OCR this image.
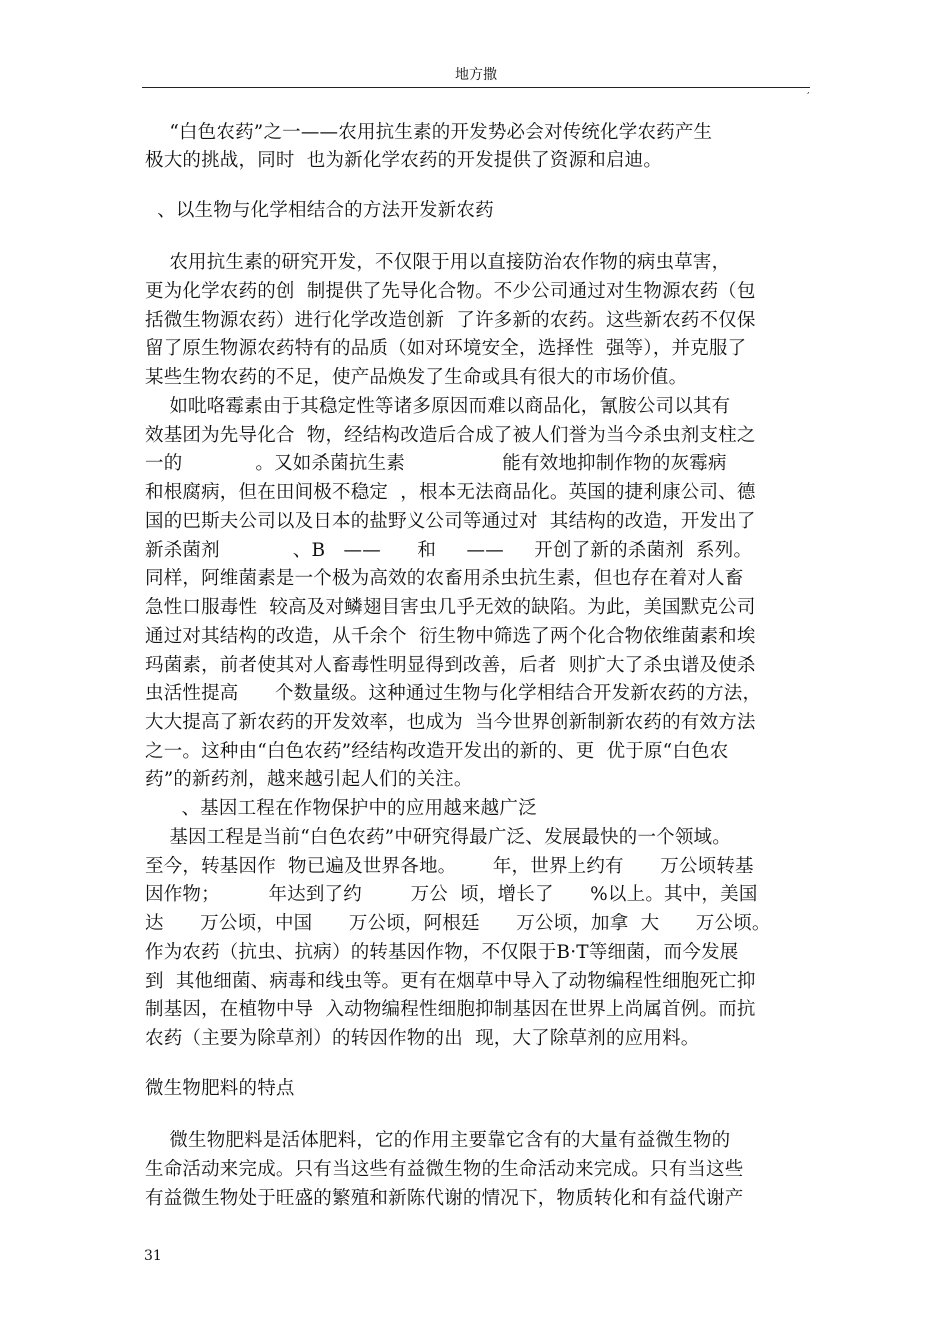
地方撒
,
“白色农药”之一——农用抗生素的开发势必会对传统化学农药产生
极大的挑战，同时  也为新化学农药的开发提供了资源和启迪。
、以生物与化学相结合的方法开发新农药
农用抗生素的研究开发，不仅限于用以直接防治农作物的病虫草害，
更为化学农药的创  制提供了先导化合物。不少公司通过对生物源农药（包
括微生物源农药）进行化学改造创新  了许多新的农药。这些新农药不仅保
留了原生物源农药特有的品质（如对环境安全，选择性  强等），并克服了
某些生物农药的不足，使产品焕发了生命或具有很大的市场价值。
如吡咯霉素由于其稳定性等诸多原因而难以商品化，氰胺公司以其有
效基团为先导化合  物，经结构改造后合成了被人们誉为当今杀虫剂支柱之
一的            。又如杀菌抗生素                能有效地抑制作物的灰霉病
和根腐病，但在田间极不稳定  ，根本无法商品化。英国的捷利康公司、德
国的巴斯夫公司以及日本的盐野义公司等通过对  其结构的改造，开发出了
新杀菌剂            、B   ——      和     ——     开创了新的杀菌剂  系列。
同样，阿维菌素是一个极为高效的农畜用杀虫抗生素，但也存在着对人畜
急性口服毒性  较高及对鳞翅目害虫几乎无效的缺陷。为此，美国默克公司
通过对其结构的改造，从千余个  衍生物中筛选了两个化合物依维菌素和埃
玛菌素，前者使其对人畜毒性明显得到改善，后者  则扩大了杀虫谱及使杀
虫活性提高      个数量级。这种通过生物与化学相结合开发新农药的方法，
大大提高了新农药的开发效率，也成为  当今世界创新制新农药的有效方法
之一。这种由“白色农药”经结构改造开发出的新的、更  优于原“白色农
药”的新药剂，越来越引起人们的关注。
、基因工程在作物保护中的应用越来越广泛
基因工程是当前“白色农药”中研究得最广泛、发展最快的一个领域。
至今，转基因作  物已遍及世界各地。      年，世界上约有      万公顷转基
因作物；        年达到了约        万公  顷，增长了      %以上。其中，美国
达      万公顷，中国      万公顷，阿根廷      万公顷，加拿  大      万公顷。
作为农药（抗虫、抗病）的转基因作物，不仅限于B·T等细菌，而今发展
到  其他细菌、病毒和线虫等。更有在烟草中导入了动物编程性细胞死亡抑
制基因，在植物中导  入动物编程性细胞抑制基因在世界上尚属首例。而抗
农药（主要为除草剂）的转因作物的出  现，大了除草剂的应用料。
微生物肥料的特点
微生物肥料是活体肥料，它的作用主要靠它含有的大量有益微生物的
生命活动来完成。只有当这些有益微生物的生命活动来完成。只有当这些
有益微生物处于旺盛的繁殖和新陈代谢的情况下，物质转化和有益代谢产
31
